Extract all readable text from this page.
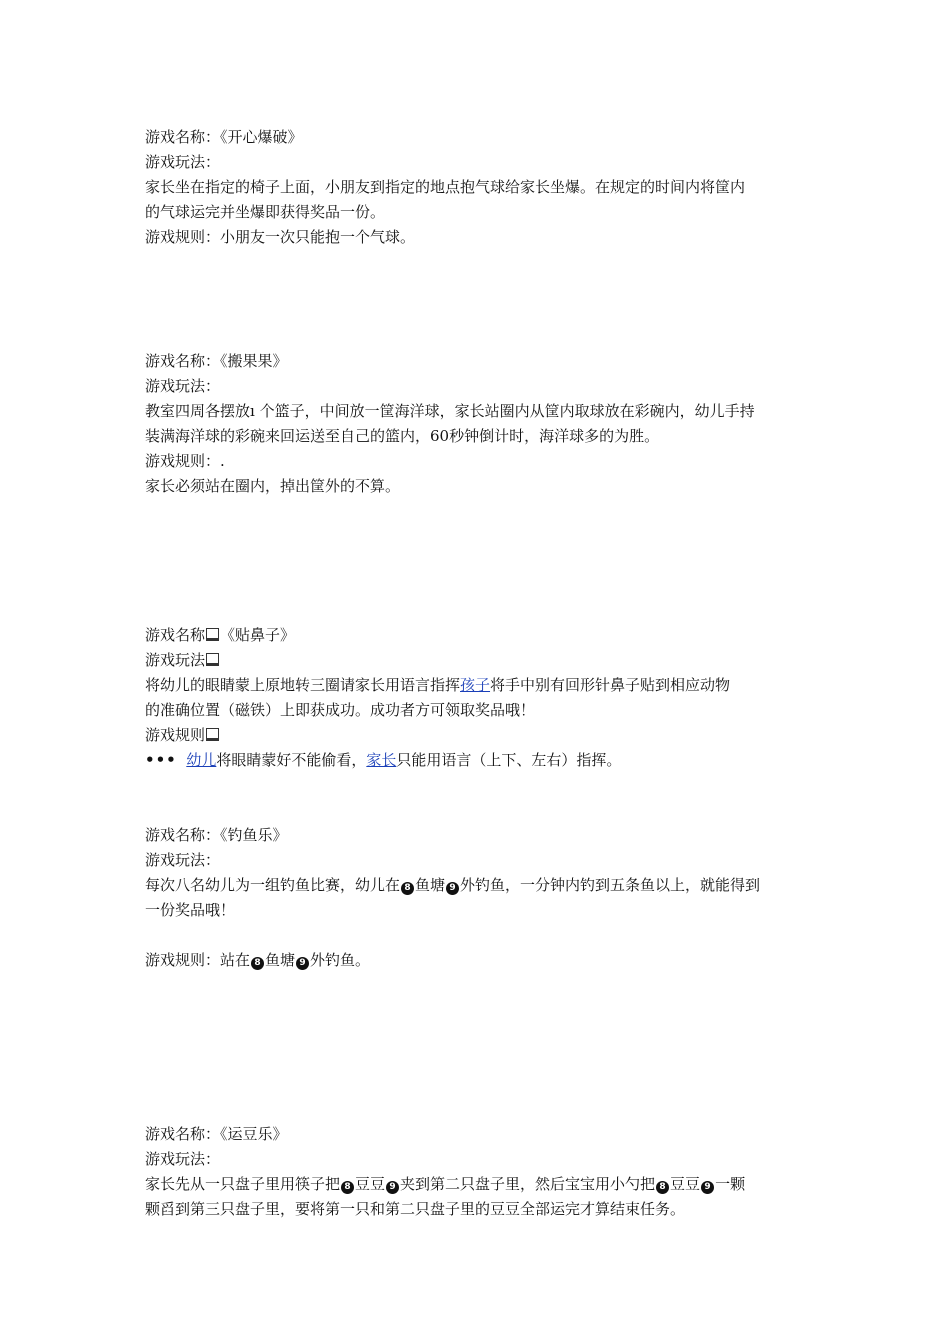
游戏名称：《开心爆破》
游戏玩法：
家长坐在指定的椅子上面，小朋友到指定的地点抱气球给家长坐爆。在规定的时间内将筐内
的气球运完并坐爆即获得奖品一份。
游戏规则：小朋友一次只能抱一个气球。
游戏名称：《搬果果》
游戏玩法：
教室四周各摆放ı 个篮子，中间放一筐海洋球，家长站圈内从筐内取球放在彩碗内，幼儿手持
装满海洋球的彩碗来回运送至自己的篮内，60秒钟倒计时，海洋球多的为胜。
游戏规则：.
家长必须站在圈内，掉出筐外的不算。
游戏名称 《贴鼻子》
游戏玩法
将幼儿的眼睛蒙上原地转三圈请家长用语言指挥孩子将手中别有回形针鼻子贴到相应动物
的准确位置（磁铁）上即获成功。成功者方可领取奖品哦！
游戏规则
••• 幼儿将眼睛蒙好不能偷看，家长只能用语言（上下、左右）指挥。
游戏名称：《钓鱼乐》
游戏玩法：
每次八名幼儿为一组钓鱼比赛，幼儿在 8 鱼塘 9 外钓鱼，一分钟内钓到五条鱼以上，就能得到
一份奖品哦！
游戏规则：站在 8 鱼塘 9 外钓鱼。
游戏名称：《运豆乐》
游戏玩法：
家长先从一只盘子里用筷子把 8 豆豆 9 夹到第二只盘子里，然后宝宝用小勺把 8 豆豆 9 一颗
颗舀到第三只盘子里，要将第一只和第二只盘子里的豆豆全部运完才算结束任务。
